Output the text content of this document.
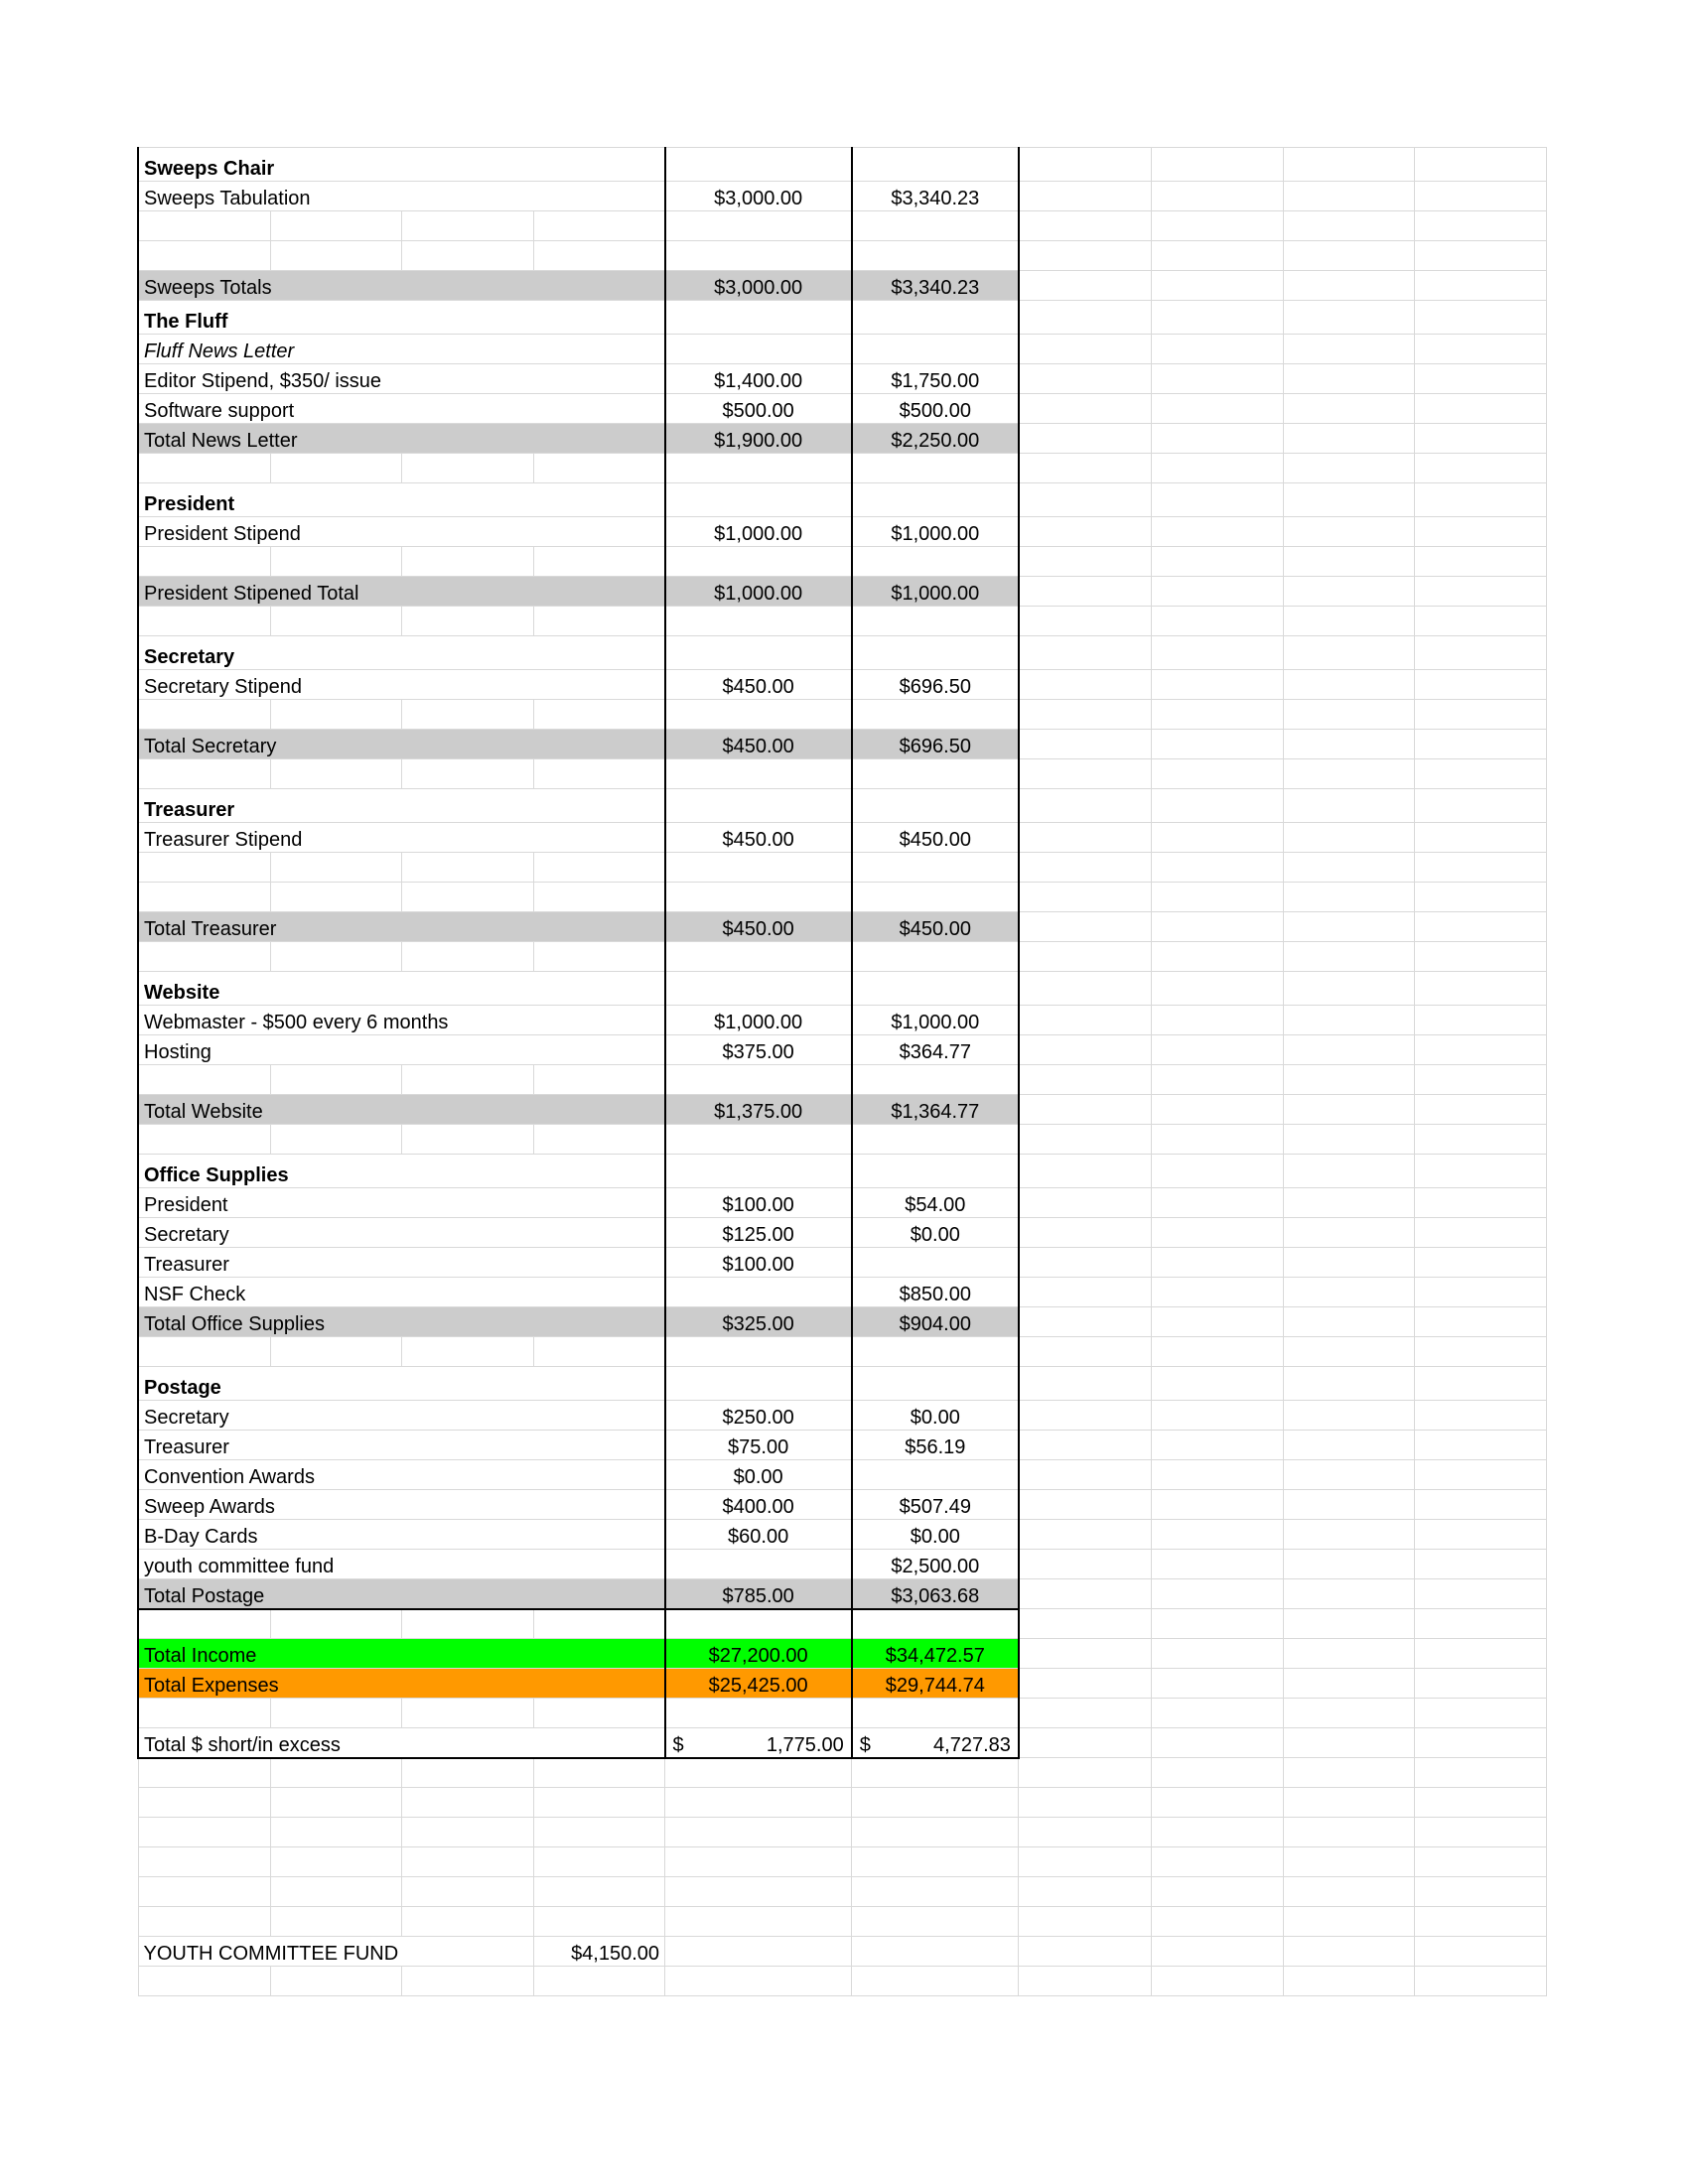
Sweeps Chair									
Sweeps Tabulation				$3,000.00	$3,340.23				

Sweeps Totals				$3,000.00	$3,340.23				
The Fluff									
Fluff News Letter									
Editor Stipend, $350/ issue				$1,400.00	$1,750.00				
Software support				$500.00	$500.00				
Total News Letter				$1,900.00	$2,250.00				

President									
President Stipend				$1,000.00	$1,000.00				

President Stipened Total				$1,000.00	$1,000.00				

Secretary									
Secretary Stipend				$450.00	$696.50				

Total Secretary				$450.00	$696.50				

Treasurer									
Treasurer Stipend				$450.00	$450.00				

Total Treasurer				$450.00	$450.00				

Website									
Webmaster - $500 every 6 months				$1,000.00	$1,000.00				
Hosting				$375.00	$364.77				

Total Website				$1,375.00	$1,364.77				

Office Supplies									
President				$100.00	$54.00				
Secretary				$125.00	$0.00				
Treasurer				$100.00					
NSF Check					$850.00				
Total Office Supplies				$325.00	$904.00				

Postage									
Secretary				$250.00	$0.00				
Treasurer				$75.00	$56.19				
Convention Awards				$0.00					
Sweep Awards				$400.00	$507.49				
B-Day Cards				$60.00	$0.00				
youth committee fund					$2,500.00				
Total Postage				$785.00	$3,063.68				

Total Income				$27,200.00	$34,472.57				
Total Expenses				$25,425.00	$29,744.74				

Total $ short/in excess				$ 1,775.00	$ 4,727.83				

YOUTH COMMITTEE FUND			$4,150.00						
